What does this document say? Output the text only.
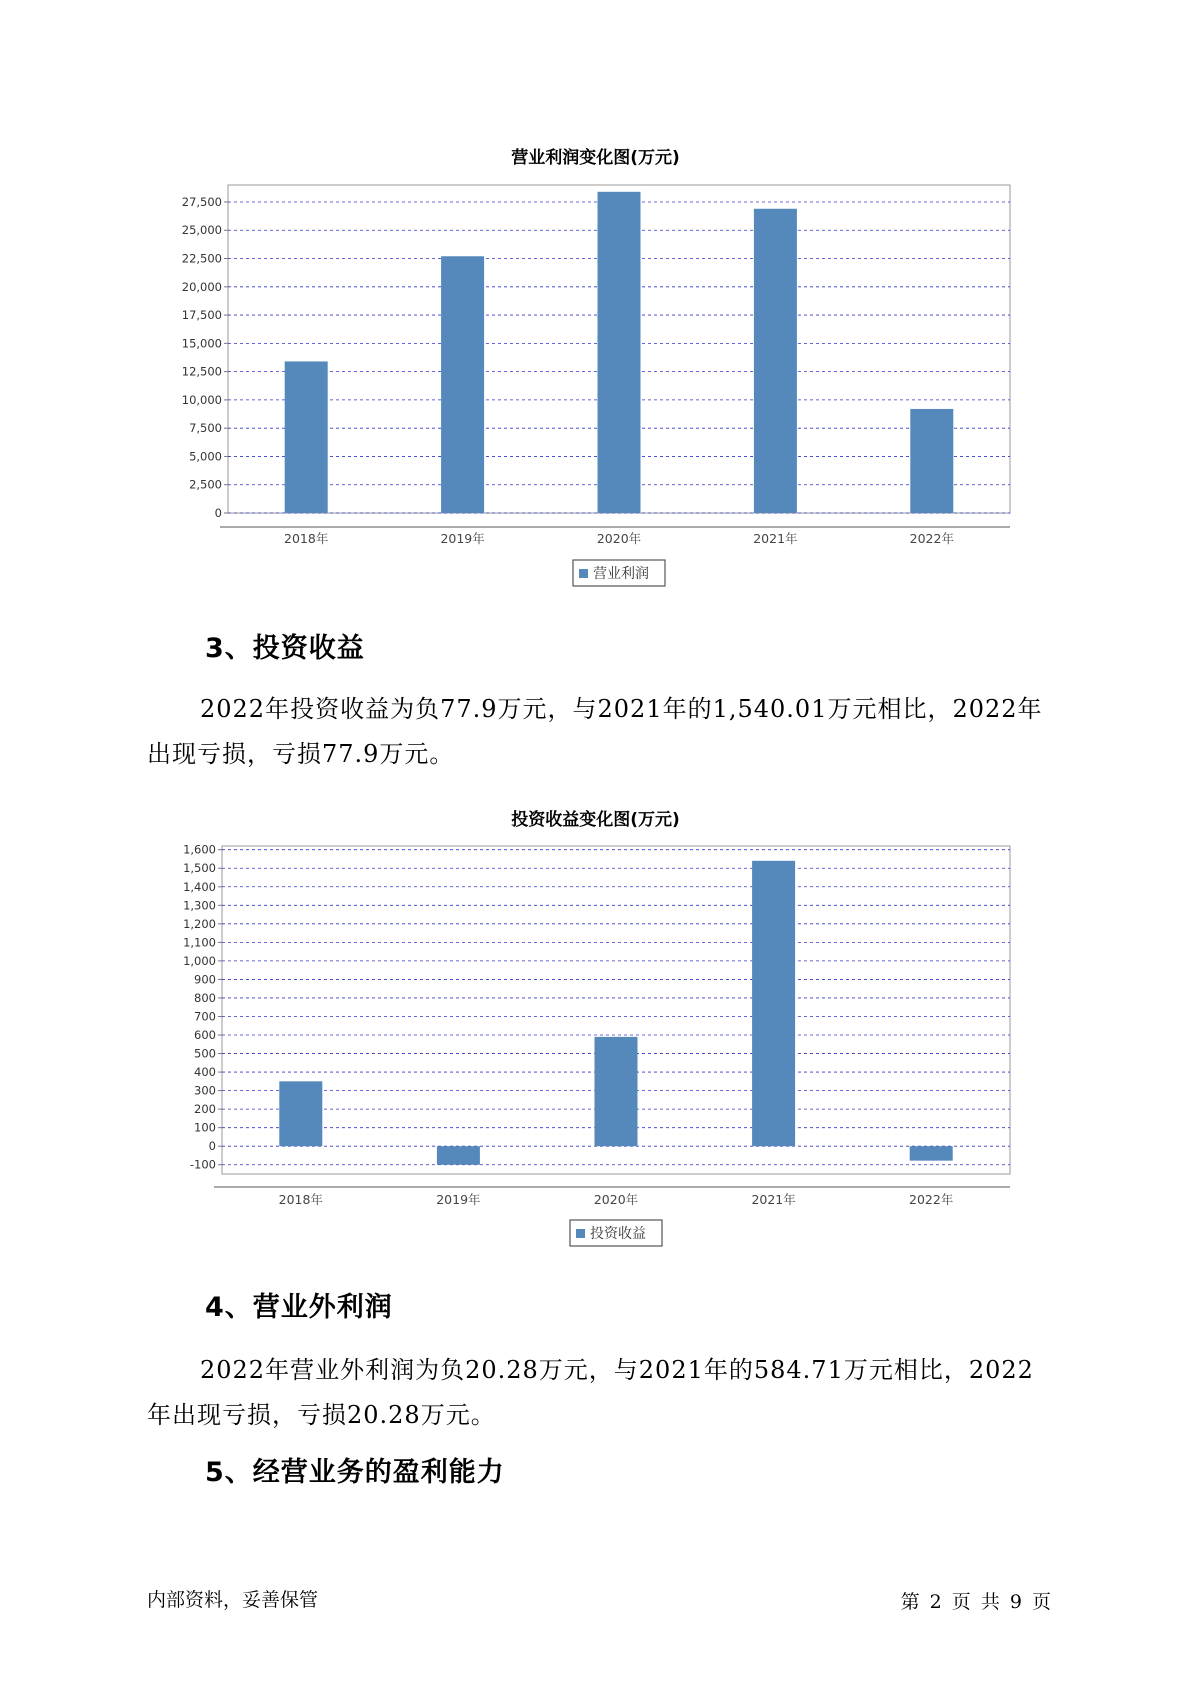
营业利润变化图(万元)
0
2,500
5,000
7,500
10,000
12,500
15,000
17,500
20,000
22,500
25,000
27,500
2018年	2019年	2020年	2021年	2022年
营业利润
3、投资收益
2022年投资收益为负77.9万元，与2021年的1,540.01万元相比，2022年出现亏损，亏损77.9万元。
投资收益变化图(万元)
-100
0
100
200
300
400
500
600
700
800
900
1,000
1,100
1,200
1,300
1,400
1,500
1,600
2018年	2019年	2020年	2021年	2022年
投资收益
4、营业外利润
2022年营业外利润为负20.28万元，与2021年的584.71万元相比，2022年出现亏损，亏损20.28万元。
5、经营业务的盈利能力
内部资料，妥善保管	第 2 页 共 9 页
